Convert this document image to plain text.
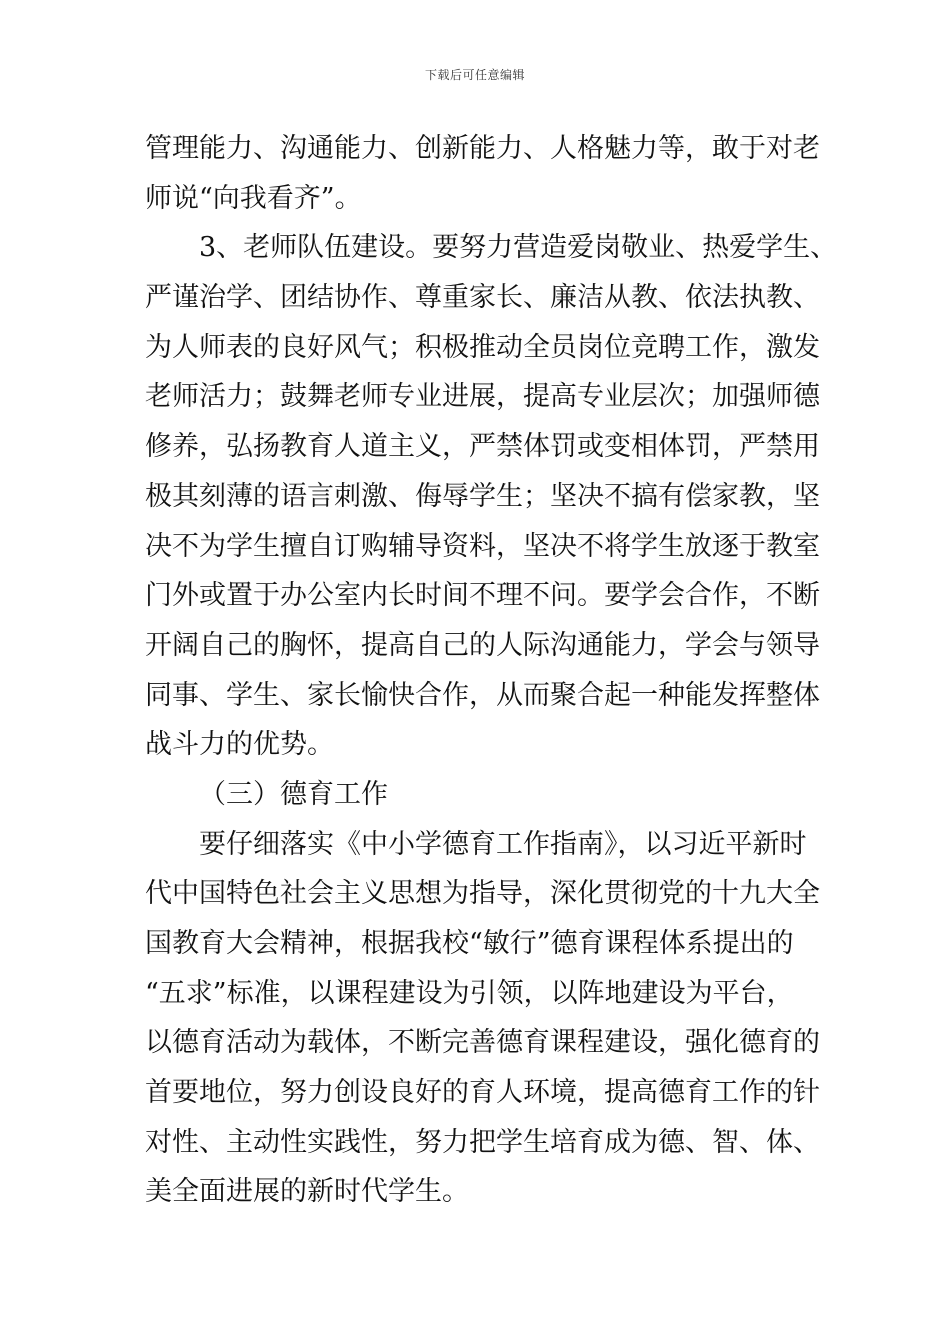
下载后可任意编辑
管理能力、沟通能力、创新能力、人格魅力等，敢于对老
师说“向我看齐”。
3、老师队伍建设。要努力营造爱岗敬业、热爱学生、
严谨治学、团结协作、尊重家长、廉洁从教、依法执教、
为人师表的良好风气；积极推动全员岗位竞聘工作，激发
老师活力；鼓舞老师专业进展，提高专业层次；加强师德
修养，弘扬教育人道主义，严禁体罚或变相体罚，严禁用
极其刻薄的语言刺激、侮辱学生；坚决不搞有偿家教，坚
决不为学生擅自订购辅导资料，坚决不将学生放逐于教室
门外或置于办公室内长时间不理不问。要学会合作，不断
开阔自己的胸怀，提高自己的人际沟通能力，学会与领导
同事、学生、家长愉快合作，从而聚合起一种能发挥整体
战斗力的优势。
（三）德育工作
要仔细落实《中小学德育工作指南》，以习近平新时
代中国特色社会主义思想为指导，深化贯彻党的十九大全
国教育大会精神，根据我校“敏行”德育课程体系提出的
“五求”标准，以课程建设为引领，以阵地建设为平台，
以德育活动为载体，不断完善德育课程建设，强化德育的
首要地位，努力创设良好的育人环境，提高德育工作的针
对性、主动性实践性，努力把学生培育成为德、智、体、
美全面进展的新时代学生。
